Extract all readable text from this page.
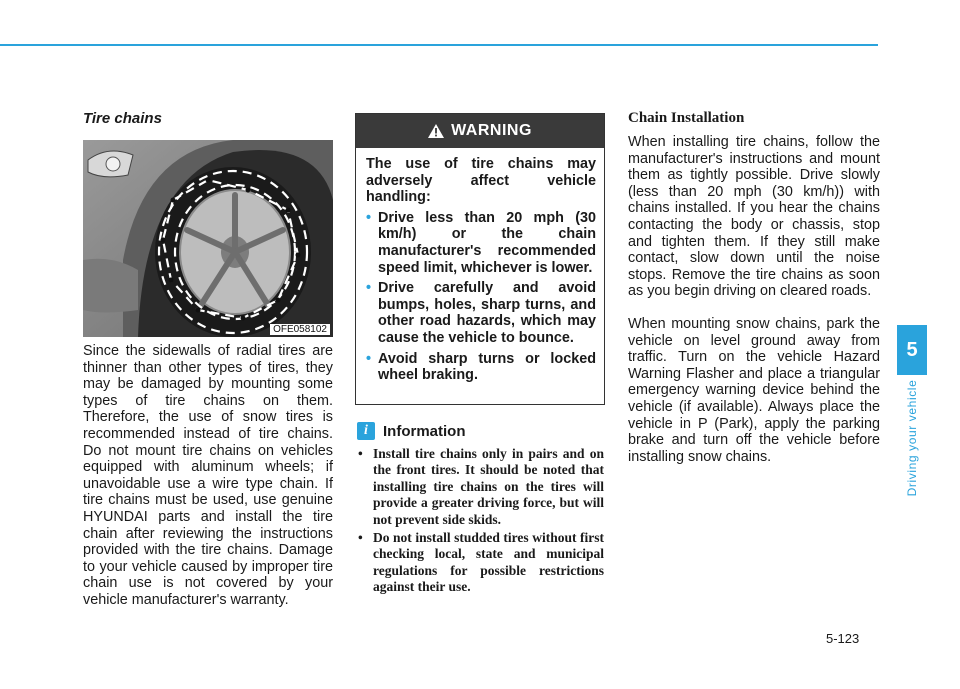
5
Driving your vehicle
Tire chains
OFE058102

Since the sidewalls of radial tires are thinner than other types of tires, they may be damaged by mounting some types of tire chains on them. Therefore, the use of snow tires is recommended instead of tire chains. Do not mount tire chains on vehicles equipped with aluminum wheels; if unavoidable use a wire type chain. If tire chains must be used, use genuine HYUNDAI parts and install the tire chain after reviewing the instructions provided with the tire chains. Damage to your vehicle caused by improper tire chain use is not covered by your vehicle manufacturer's warranty.

WARNING

The use of tire chains may adversely affect vehicle handling:

• Drive less than 20 mph (30 km/h) or the chain manufacturer's recommended speed limit, whichever is lower.
• Drive carefully and avoid bumps, holes, sharp turns, and other road hazards, which may cause the vehicle to bounce.
• Avoid sharp turns or locked wheel braking.
i	Information
• Install tire chains only in pairs and on the front tires. It should be noted that installing tire chains on the tires will provide a greater driving force, but will not prevent side skids.
• Do not install studded tires without first checking local, state and municipal regulations for possible restrictions against their use.
Chain Installation

When installing tire chains, follow the manufacturer's instructions and mount them as tightly possible. Drive slowly (less than 20 mph (30 km/h)) with chains installed. If you hear the chains contacting the body or chassis, stop and tighten them. If they still make contact, slow down until the noise stops. Remove the tire chains as soon as you begin driving on cleared roads.

When mounting snow chains, park the vehicle on level ground away from traffic. Turn on the vehicle Hazard Warning Flasher and place a triangular emergency warning device behind the vehicle (if available). Always place the vehicle in P (Park), apply the parking brake and turn off the vehicle before installing snow chains.

5-123
